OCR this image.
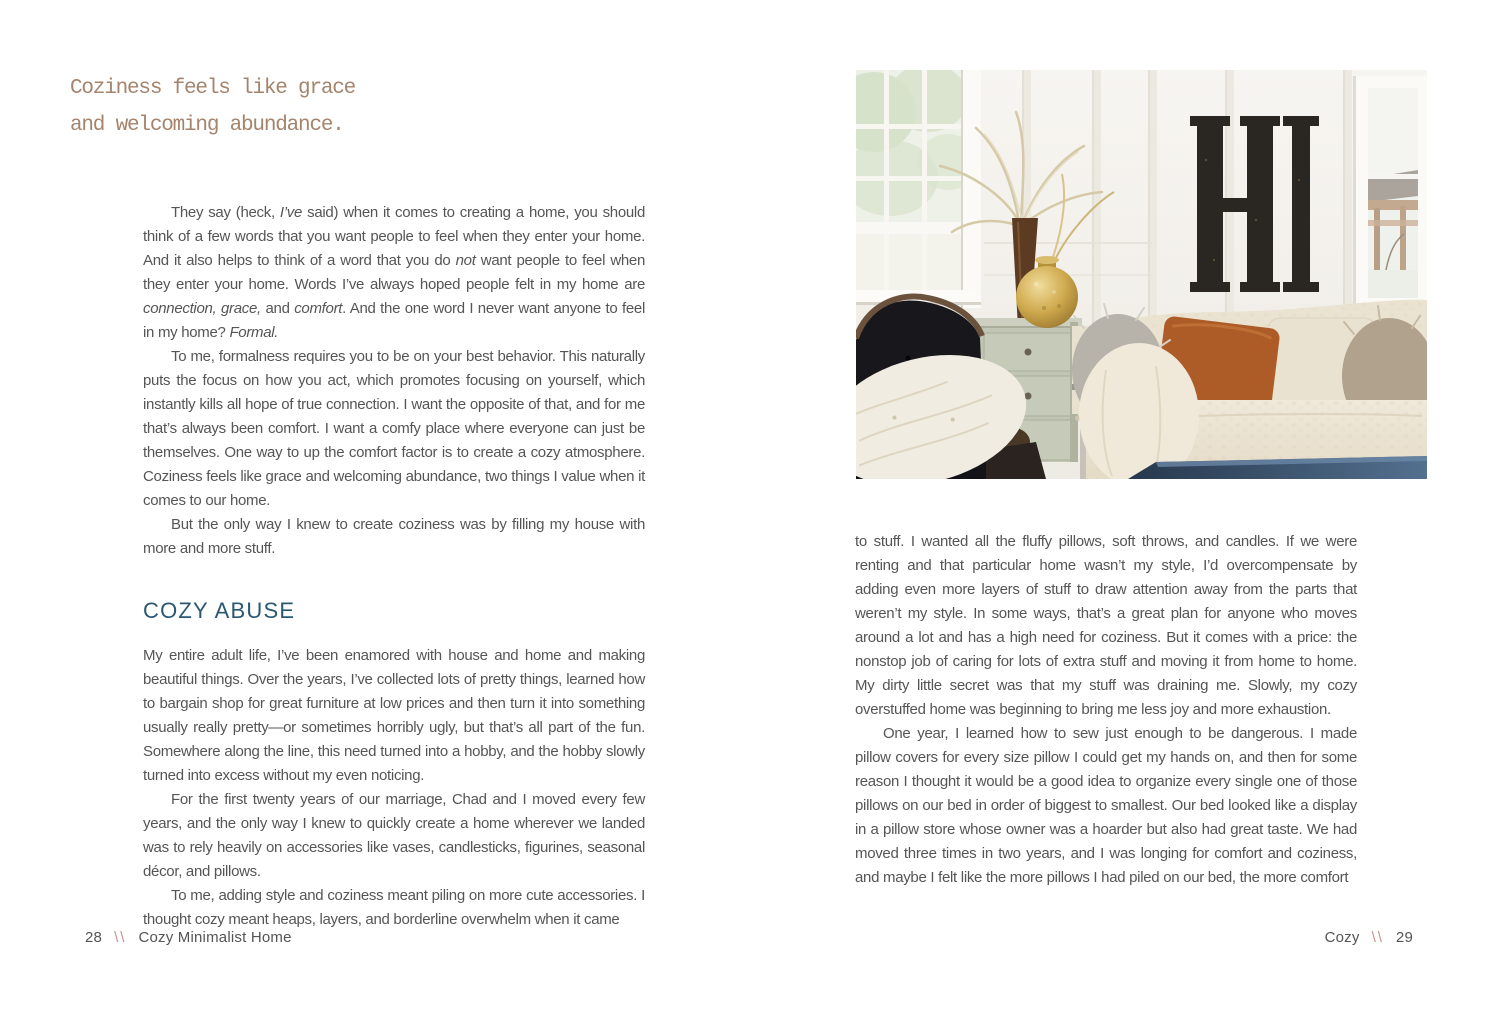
Coziness feels like grace
and welcoming abundance.

They say (heck, I’ve said) when it comes to creating a home, you should think of a few words that you want people to feel when they enter your home. And it also helps to think of a word that you do not want people to feel when they enter your home. Words I’ve always hoped people felt in my home are connection, grace, and comfort. And the one word I never want anyone to feel in my home? Formal.

To me, formalness requires you to be on your best behavior. This naturally puts the focus on how you act, which promotes focusing on yourself, which instantly kills all hope of true connection. I want the opposite of that, and for me that’s always been comfort. I want a comfy place where everyone can just be themselves. One way to up the comfort factor is to create a cozy atmosphere. Coziness feels like grace and welcoming abundance, two things I value when it comes to our home.

But the only way I knew to create coziness was by filling my house with more and more stuff.

COZY ABUSE

My entire adult life, I’ve been enamored with house and home and making beautiful things. Over the years, I’ve collected lots of pretty things, learned how to bargain shop for great furniture at low prices and then turn it into something usually really pretty—or sometimes horribly ugly, but that’s all part of the fun. Somewhere along the line, this need turned into a hobby, and the hobby slowly turned into excess without my even noticing.

For the first twenty years of our marriage, Chad and I moved every few years, and the only way I knew to quickly create a home wherever we landed was to rely heavily on accessories like vases, candlesticks, figurines, seasonal décor, and pillows.

To me, adding style and coziness meant piling on more cute accessories. I thought cozy meant heaps, layers, and borderline overwhelm when it came

28 \\ Cozy Minimalist Home

to stuff. I wanted all the fluffy pillows, soft throws, and candles. If we were renting and that particular home wasn’t my style, I’d overcompensate by adding even more layers of stuff to draw attention away from the parts that weren’t my style. In some ways, that’s a great plan for anyone who moves around a lot and has a high need for coziness. But it comes with a price: the nonstop job of caring for lots of extra stuff and moving it from home to home. My dirty little secret was that my stuff was draining me. Slowly, my cozy overstuffed home was beginning to bring me less joy and more exhaustion.

One year, I learned how to sew just enough to be dangerous. I made pillow covers for every size pillow I could get my hands on, and then for some reason I thought it would be a good idea to organize every single one of those pillows on our bed in order of biggest to smallest. Our bed looked like a display in a pillow store whose owner was a hoarder but also had great taste. We had moved three times in two years, and I was longing for comfort and coziness, and maybe I felt like the more pillows I had piled on our bed, the more comfort

Cozy \\ 29
